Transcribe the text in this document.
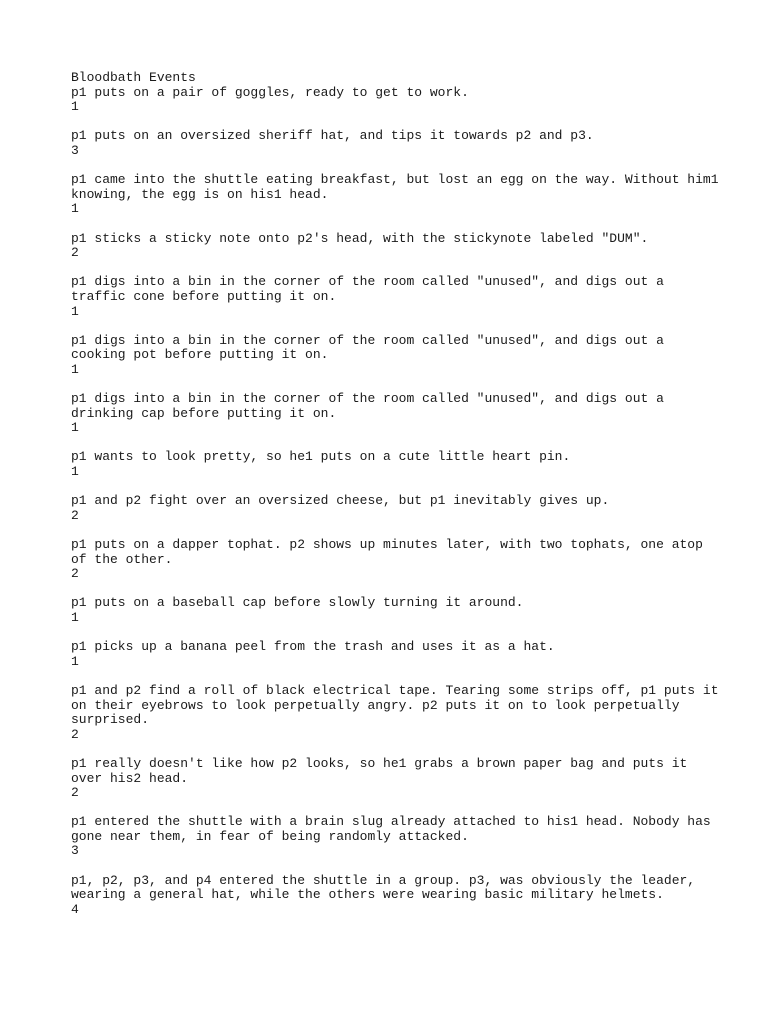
Bloodbath Events
p1 puts on a pair of goggles, ready to get to work.
1
p1 puts on an oversized sheriff hat, and tips it towards p2 and p3.
3
p1 came into the shuttle eating breakfast, but lost an egg on the way. Without him1
knowing, the egg is on his1 head.
1
p1 sticks a sticky note onto p2's head, with the stickynote labeled "DUM".
2
p1 digs into a bin in the corner of the room called "unused", and digs out a
traffic cone before putting it on.
1
p1 digs into a bin in the corner of the room called "unused", and digs out a
cooking pot before putting it on.
1
p1 digs into a bin in the corner of the room called "unused", and digs out a
drinking cap before putting it on.
1
p1 wants to look pretty, so he1 puts on a cute little heart pin.
1
p1 and p2 fight over an oversized cheese, but p1 inevitably gives up.
2
p1 puts on a dapper tophat. p2 shows up minutes later, with two tophats, one atop
of the other.
2
p1 puts on a baseball cap before slowly turning it around.
1
p1 picks up a banana peel from the trash and uses it as a hat.
1
p1 and p2 find a roll of black electrical tape. Tearing some strips off, p1 puts it
on their eyebrows to look perpetually angry. p2 puts it on to look perpetually
surprised.
2
p1 really doesn't like how p2 looks, so he1 grabs a brown paper bag and puts it
over his2 head.
2
p1 entered the shuttle with a brain slug already attached to his1 head. Nobody has
gone near them, in fear of being randomly attacked.
3
p1, p2, p3, and p4 entered the shuttle in a group. p3, was obviously the leader,
wearing a general hat, while the others were wearing basic military helmets.
4
